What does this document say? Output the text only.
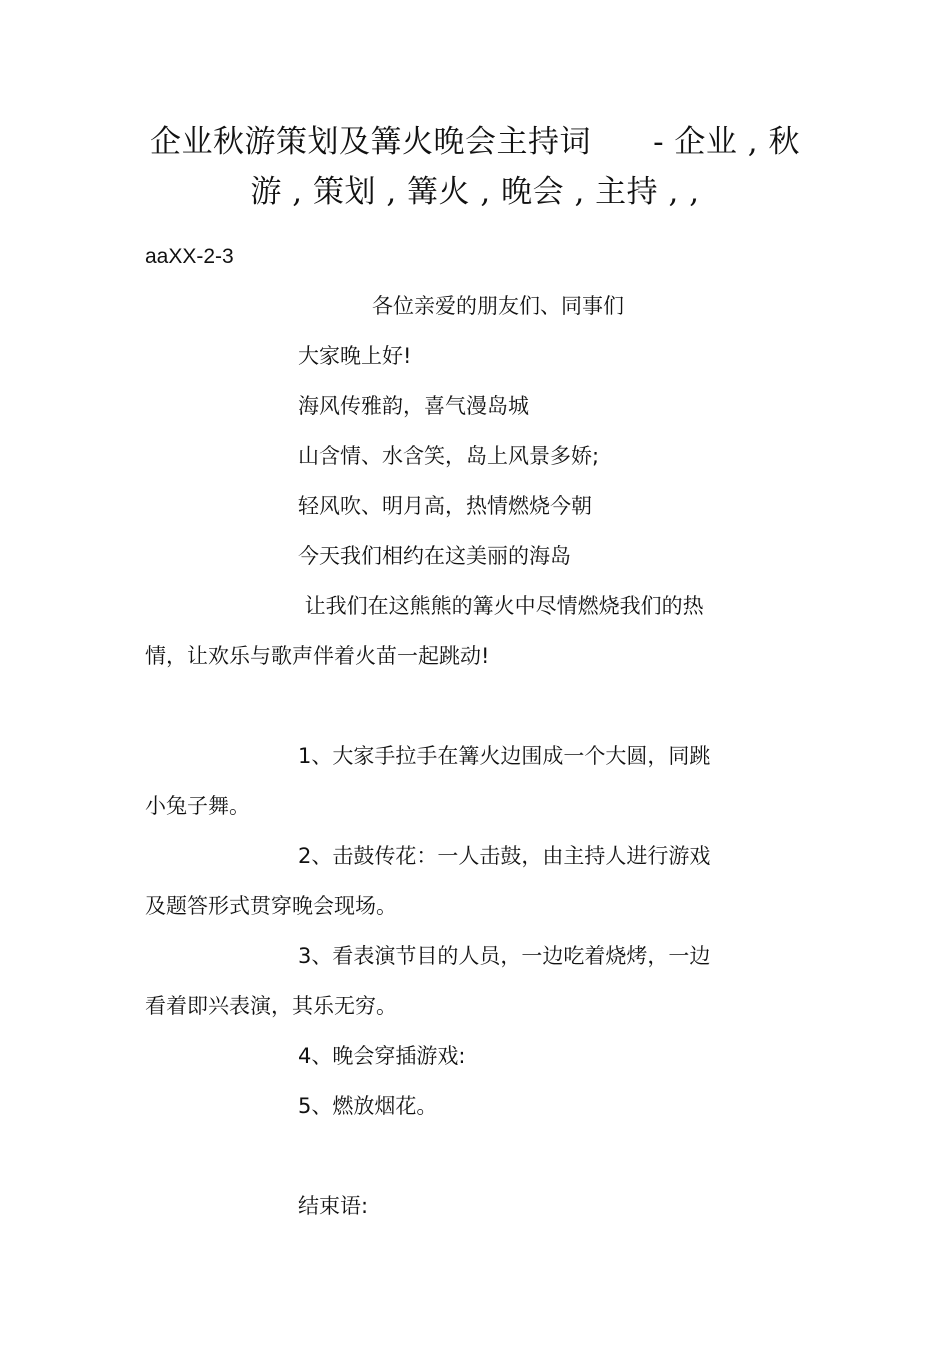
企业秋游策划及篝火晚会主持词      - 企业 , 秋
游 , 策划 , 篝火 , 晚会 , 主持 , ,
aaXX-2-3
各位亲爱的朋友们、同事们
大家晚上好!
海风传雅韵，喜气漫岛城
山含情、水含笑，岛上风景多娇;
轻风吹、明月高，热情燃烧今朝
今天我们相约在这美丽的海岛
让我们在这熊熊的篝火中尽情燃烧我们的热
情，让欢乐与歌声伴着火苗一起跳动!
1、大家手拉手在篝火边围成一个大圆，同跳
小兔子舞。
2、击鼓传花：一人击鼓，由主持人进行游戏
及题答形式贯穿晚会现场。
3、看表演节目的人员，一边吃着烧烤，一边
看着即兴表演，其乐无穷。
4、晚会穿插游戏:
5、燃放烟花。
结束语:
